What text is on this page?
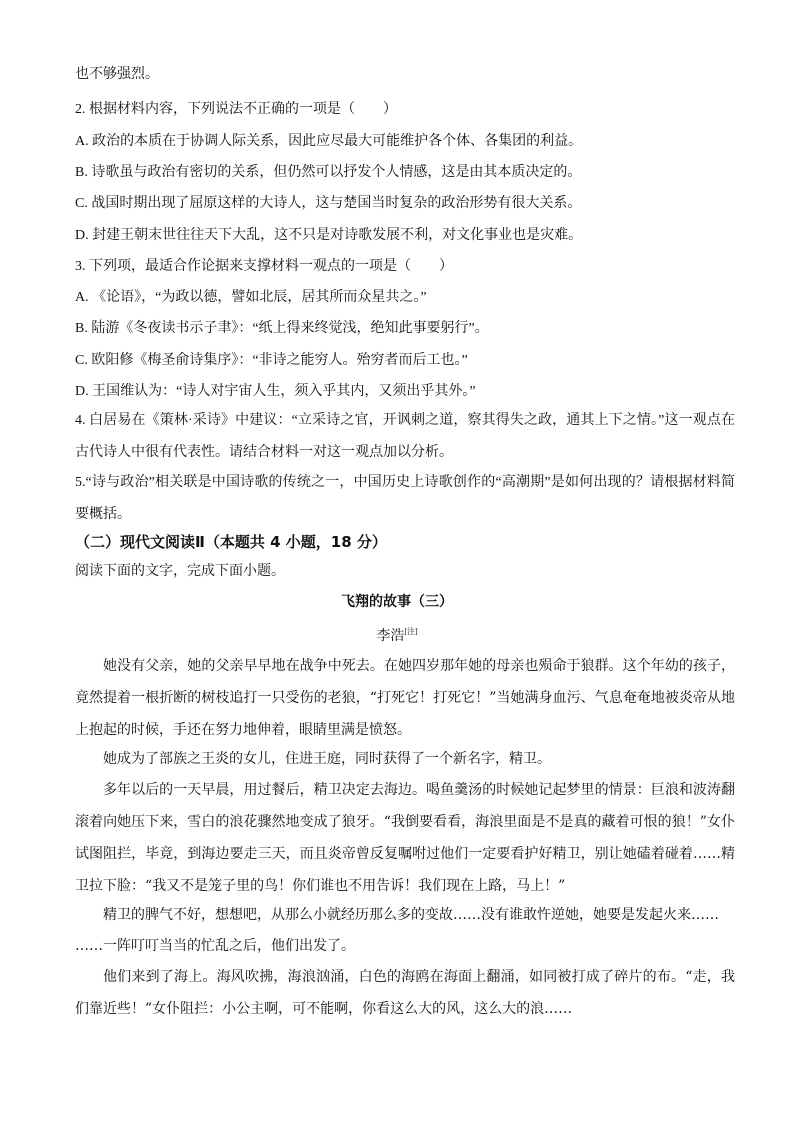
也不够强烈。
2. 根据材料内容，下列说法不正确的一项是（　　）
A. 政治的本质在于协调人际关系，因此应尽最大可能维护各个体、各集团的利益。
B. 诗歌虽与政治有密切的关系，但仍然可以抒发个人情感，这是由其本质决定的。
C. 战国时期出现了屈原这样的大诗人，这与楚国当时复杂的政治形势有很大关系。
D. 封建王朝末世往往天下大乱，这不只是对诗歌发展不利，对文化事业也是灾难。
3. 下列项，最适合作论据来支撑材料一观点的一项是（　　）
A. 《论语》，“为政以德，譬如北辰，居其所而众星共之。”
B. 陆游《冬夜读书示子聿》：“纸上得来终觉浅，绝知此事要躬行”。
C. 欧阳修《梅圣俞诗集序》：“非诗之能穷人。殆穷者而后工也。”
D. 王国维认为：“诗人对宇宙人生，须入乎其内，又须出乎其外。”
4. 白居易在《策林·采诗》中建议：“立采诗之官，开讽刺之道，察其得失之政，通其上下之情。”这一观点在古代诗人中很有代表性。请结合材料一对这一观点加以分析。
5.“诗与政治”相关联是中国诗歌的传统之一，中国历史上诗歌创作的“高潮期”是如何出现的？请根据材料简要概括。
（二）现代文阅读Ⅱ（本题共 4 小题，18 分）
阅读下面的文字，完成下面小题。
飞翔的故事（三）
李浩[注]
她没有父亲，她的父亲早早地在战争中死去。在她四岁那年她的母亲也殒命于狼群。这个年幼的孩子，竟然提着一根折断的树枝追打一只受伤的老狼，“打死它！打死它！”当她满身血污、气息奄奄地被炎帝从地上抱起的时候，手还在努力地伸着，眼睛里满是愤怒。
她成为了部族之王炎的女儿，住进王庭，同时获得了一个新名字，精卫。
多年以后的一天早晨，用过餐后，精卫决定去海边。喝鱼羹汤的时候她记起梦里的情景：巨浪和波涛翻滚着向她压下来，雪白的浪花骤然地变成了狼牙。“我倒要看看，海浪里面是不是真的藏着可恨的狼！”女仆试图阻拦，毕竟，到海边要走三天，而且炎帝曾反复嘱咐过他们一定要看护好精卫，别让她磕着碰着……精卫拉下脸：“我又不是笼子里的鸟！你们谁也不用告诉！我们现在上路，马上！”
精卫的脾气不好，想想吧，从那么小就经历那么多的变故……没有谁敢忤逆她，她要是发起火来……
……一阵叮叮当当的忙乱之后，他们出发了。
他们来到了海上。海风吹拂，海浪汹涌，白色的海鸥在海面上翻涌，如同被打成了碎片的布。“走，我们靠近些！”女仆阻拦：小公主啊，可不能啊，你看这么大的风，这么大的浪……
